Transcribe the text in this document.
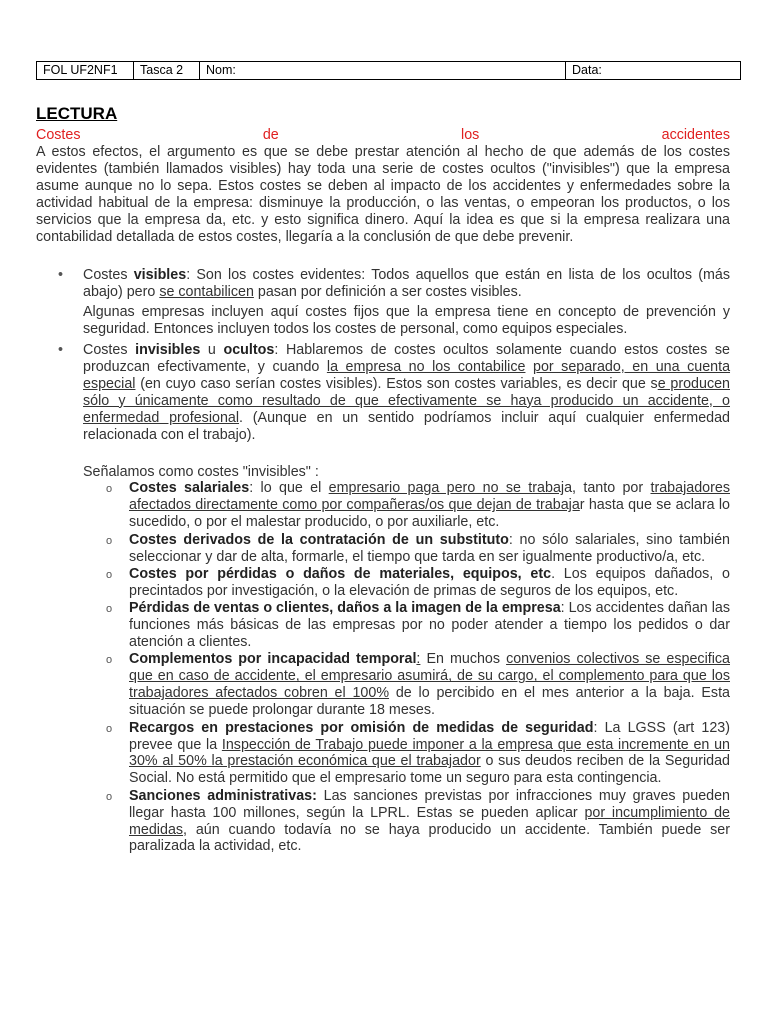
FOL UF2NF1	Tasca 2	Nom:	Data:
LECTURA
Costes	de	los	accidentes
A estos efectos, el argumento es que se debe prestar atención al hecho de que además de los costes evidentes (también llamados visibles) hay toda una serie de costes ocultos ("invisibles") que la empresa asume aunque no lo sepa. Estos costes se deben al impacto de los accidentes y enfermedades sobre la actividad habitual de la empresa: disminuye la producción, o las ventas, o empeoran los productos, o los servicios que la empresa da, etc. y esto significa dinero. Aquí la idea es que si la empresa realizara una contabilidad detallada de estos costes, llegaría a la conclusión de que debe prevenir.

• Costes visibles: Son los costes evidentes: Todos aquellos que están en lista de los ocultos (más abajo) pero se contabilicen pasan por definición a ser costes visibles.

Algunas empresas incluyen aquí costes fijos que la empresa tiene en concepto de prevención y seguridad. Entonces incluyen todos los costes de personal, como equipos especiales.

• Costes invisibles u ocultos: Hablaremos de costes ocultos solamente cuando estos costes se produzcan efectivamente, y cuando la empresa no los contabilice por separado, en una cuenta especial (en cuyo caso serían costes visibles). Estos son costes variables, es decir que se producen sólo y únicamente como resultado de que efectivamente se haya producido un accidente, o enfermedad profesional. (Aunque en un sentido podríamos incluir aquí cualquier enfermedad relacionada con el trabajo).

Señalamos como costes "invisibles" :

o Costes salariales: lo que el empresario paga pero no se trabaja, tanto por trabajadores afectados directamente como por compañeras/os que dejan de trabajar hasta que se aclara lo sucedido, o por el malestar producido, o por auxiliarle, etc.
o Costes derivados de la contratación de un substituto: no sólo salariales, sino también seleccionar y dar de alta, formarle, el tiempo que tarda en ser igualmente productivo/a, etc.
o Costes por pérdidas o daños de materiales, equipos, etc. Los equipos dañados, o precintados por investigación, o la elevación de primas de seguros de los equipos, etc.
o Pérdidas de ventas o clientes, daños a la imagen de la empresa: Los accidentes dañan las funciones más básicas de las empresas por no poder atender a tiempo los pedidos o dar atención a clientes.
o Complementos por incapacidad temporal: En muchos convenios colectivos se especifica que en caso de accidente, el empresario asumirá, de su cargo, el complemento para que los trabajadores afectados cobren el 100% de lo percibido en el mes anterior a la baja. Esta situación se puede prolongar durante 18 meses.
o Recargos en prestaciones por omisión de medidas de seguridad: La LGSS (art 123) prevee que la Inspección de Trabajo puede imponer a la empresa que esta incremente en un 30% al 50% la prestación económica que el trabajador o sus deudos reciben de la Seguridad Social. No está permitido que el empresario tome un seguro para esta contingencia.
o Sanciones administrativas: Las sanciones previstas por infracciones muy graves pueden llegar hasta 100 millones, según la LPRL. Estas se pueden aplicar por incumplimiento de medidas, aún cuando todavía no se haya producido un accidente. También puede ser paralizada la actividad, etc.
